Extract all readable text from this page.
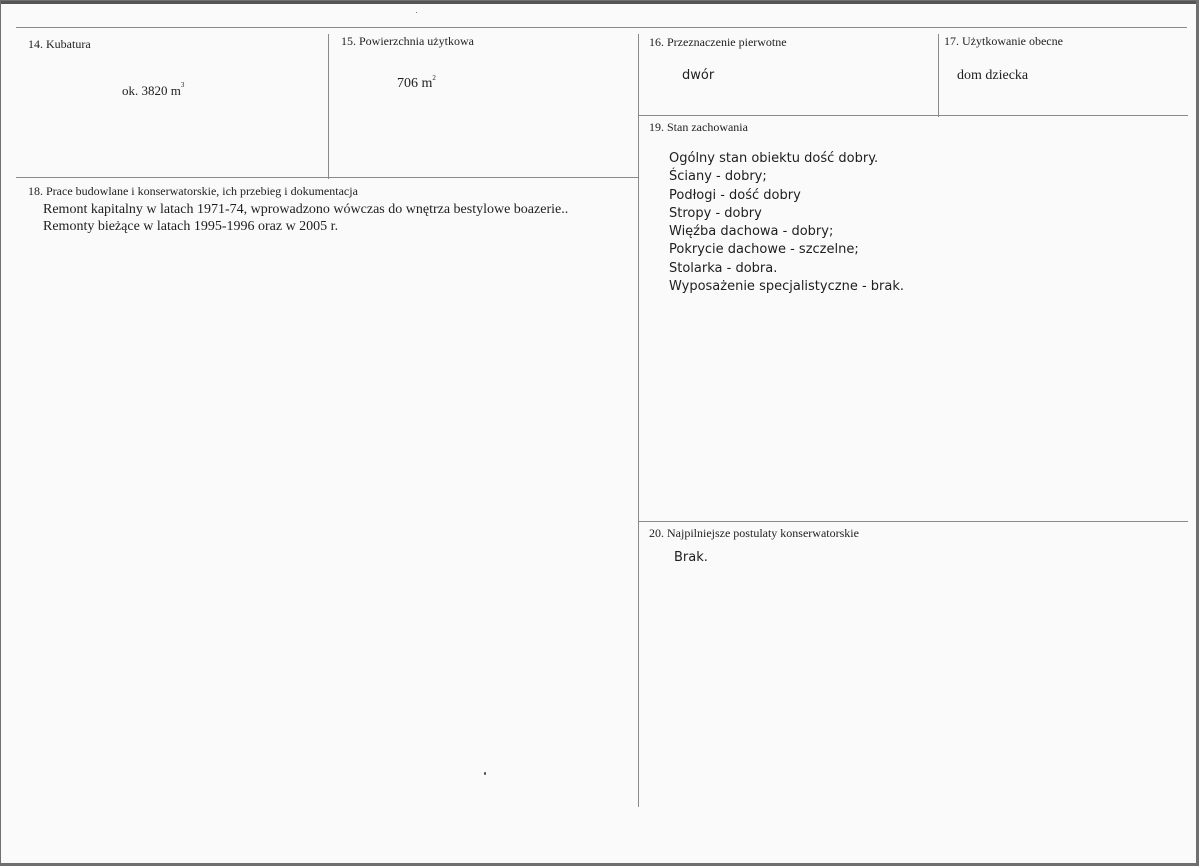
14. Kubatura
ok. 3820 $m^3$
15. Powierzchnia użytkowa
706 $m^2$
16. Przeznaczenie pierwotne
dwór
17. Użytkowanie obecne
dom dziecka
18. Prace budowlane i konserwatorskie, ich przebieg i dokumentacja
Remont kapitalny w latach 1971-74, wprowadzono wówczas do wnętrza bestylowe boazerie..
Remonty bieżące w latach 1995-1996 oraz w 2005 r.
19. Stan zachowania
Ogólny stan obiektu dość dobry.
Ściany - dobry;
Podłogi - dość dobry
Stropy - dobry
Więźba dachowa - dobry;
Pokrycie dachowe - szczelne;
Stolarka - dobra.
Wyposażenie specjalistyczne - brak.
20. Najpilniejsze postulaty konserwatorskie
Brak.
